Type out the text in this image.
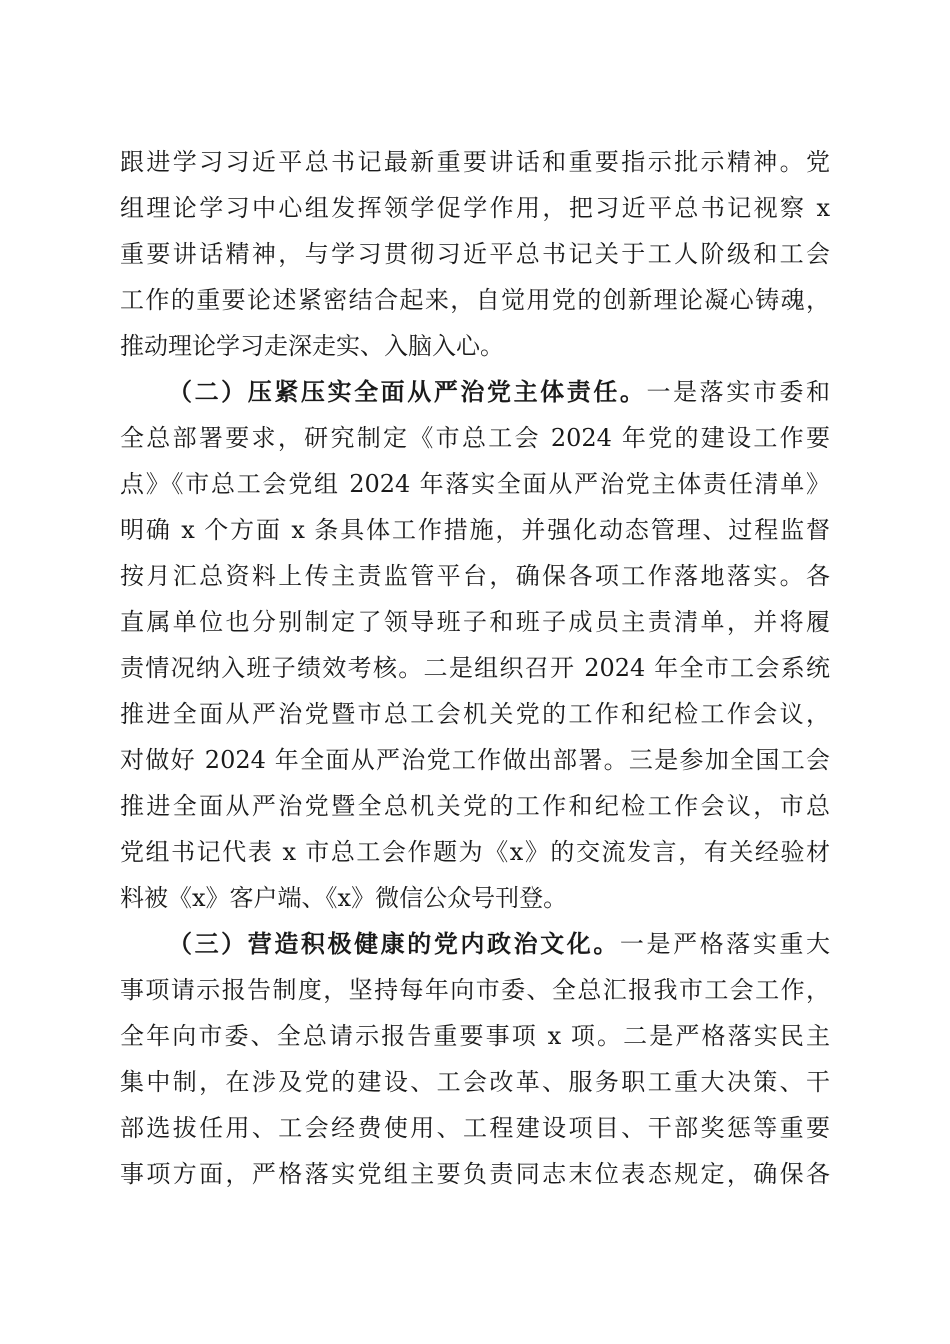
跟进学习习近平总书记最新重要讲话和重要指示批示精神。党
组理论学习中心组发挥领学促学作用，把习近平总书记视察 x
重要讲话精神，与学习贯彻习近平总书记关于工人阶级和工会
工作的重要论述紧密结合起来，自觉用党的创新理论凝心铸魂，
推动理论学习走深走实、入脑入心。
（二）压紧压实全面从严治党主体责任。一是落实市委和
全总部署要求，研究制定《市总工会 2024 年党的建设工作要
点》《市总工会党组 2024 年落实全面从严治党主体责任清单》
明确 x 个方面 x 条具体工作措施，并强化动态管理、过程监督
按月汇总资料上传主责监管平台，确保各项工作落地落实。各
直属单位也分别制定了领导班子和班子成员主责清单，并将履
责情况纳入班子绩效考核。二是组织召开 2024 年全市工会系统
推进全面从严治党暨市总工会机关党的工作和纪检工作会议，
对做好 2024 年全面从严治党工作做出部署。三是参加全国工会
推进全面从严治党暨全总机关党的工作和纪检工作会议，市总
党组书记代表 x 市总工会作题为《x》的交流发言，有关经验材
料被《x》客户端、《x》微信公众号刊登。
（三）营造积极健康的党内政治文化。一是严格落实重大
事项请示报告制度，坚持每年向市委、全总汇报我市工会工作，
全年向市委、全总请示报告重要事项 x 项。二是严格落实民主
集中制，在涉及党的建设、工会改革、服务职工重大决策、干
部选拔任用、工会经费使用、工程建设项目、干部奖惩等重要
事项方面，严格落实党组主要负责同志末位表态规定，确保各
